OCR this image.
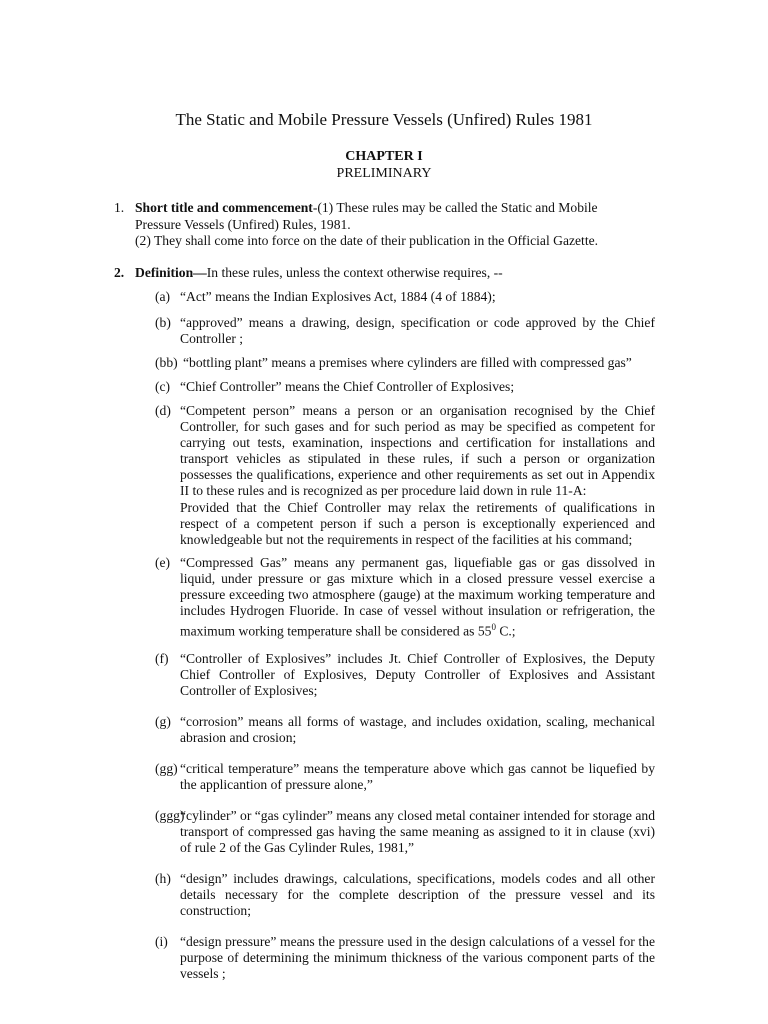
The Static and Mobile Pressure Vessels (Unfired) Rules 1981
CHAPTER I
PRELIMINARY
1. Short title and commencement-(1) These rules may be called the Static and Mobile Pressure Vessels (Unfired) Rules, 1981.
(2) They shall come into force on the date of their publication in the Official Gazette.
2. Definition—In these rules, unless the context otherwise requires, --
(a) “Act” means the Indian Explosives Act, 1884 (4 of 1884);
(b) “approved” means a drawing, design, specification or code approved by the Chief Controller ;
(bb) “bottling plant” means a premises where cylinders are filled with compressed gas”
(c) “Chief Controller” means the Chief Controller of Explosives;
(d) “Competent person” means a person or an organisation recognised by the Chief Controller, for such gases and for such period as may be specified as competent for carrying out tests, examination, inspections and certification for installations and transport vehicles as stipulated in these rules, if such a person or organization possesses the qualifications, experience and other requirements as set out in Appendix II to these rules and is recognized as per procedure laid down in rule 11-A:
Provided that the Chief Controller may relax the retirements of qualifications in respect of a competent person if such a person is exceptionally experienced and knowledgeable but not the requirements in respect of the facilities at his command;
(e) “Compressed Gas” means any permanent gas, liquefiable gas or gas dissolved in liquid, under pressure or gas mixture which in a closed pressure vessel exercise a pressure exceeding two atmosphere (gauge) at the maximum working temperature and includes Hydrogen Fluoride. In case of vessel without insulation or refrigeration, the maximum working temperature shall be considered as $55^0$ C.;
(f) “Controller of Explosives” includes Jt. Chief Controller of Explosives, the Deputy Chief Controller of Explosives, Deputy Controller of Explosives and Assistant Controller of Explosives;
(g) “corrosion” means all forms of wastage, and includes oxidation, scaling, mechanical abrasion and crosion;
(gg) “critical temperature” means the temperature above which gas cannot be liquefied by the applicantion of pressure alone,”
(ggg)
“cylinder” or “gas cylinder” means any closed metal container intended for storage and transport of compressed gas having the same meaning as assigned to it in clause (xvi) of rule 2 of the Gas Cylinder Rules, 1981,”
(h) “design” includes drawings, calculations, specifications, models codes and all other details necessary for the complete description of the pressure vessel and its construction;
(i) “design pressure” means the pressure used in the design calculations of a vessel for the purpose of determining the minimum thickness of the various component parts of the vessels ;
